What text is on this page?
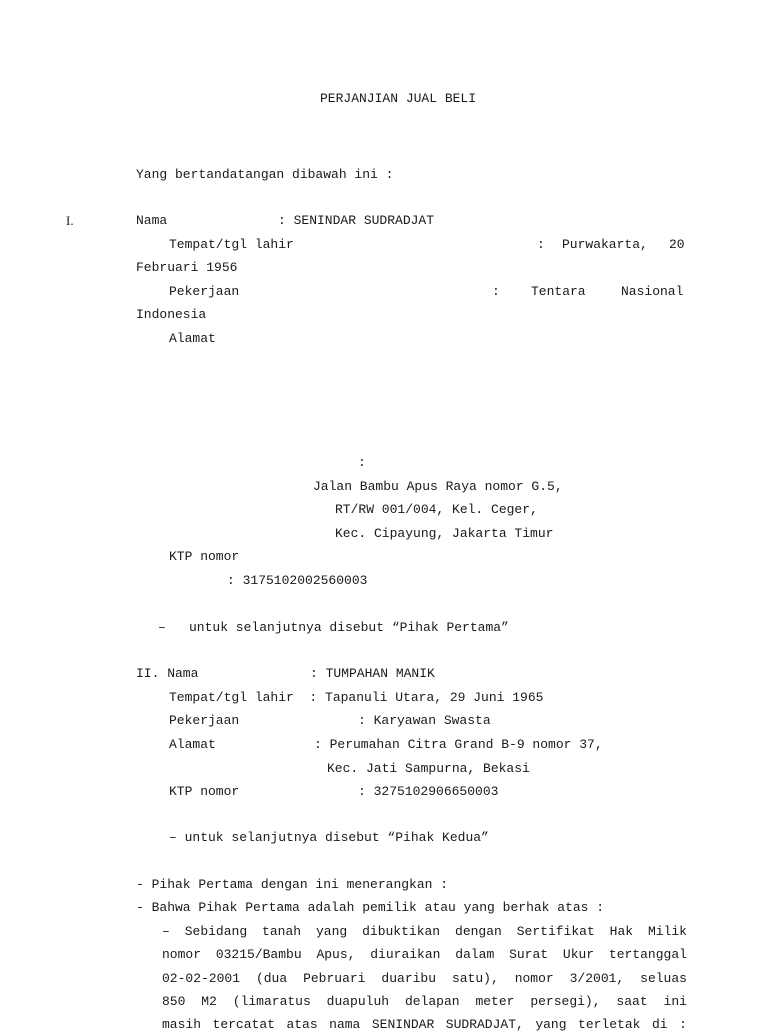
PERJANJIAN JUAL BELI
Yang bertandatangan dibawah ini :
I.	Nama	: SENINDAR SUDRADJAT
Tempat/tgl lahir	: Purwakarta, 20
Februari 1956
Pekerjaan	: Tentara	Nasional
Indonesia
Alamat
:
Jalan Bambu Apus Raya nomor G.5,
RT/RW 001/004, Kel. Ceger,
Kec. Cipayung, Jakarta Timur
KTP nomor
: 3175102002560003
– untuk selanjutnya disebut “Pihak Pertama”
II. Nama	: TUMPAHAN MANIK
Tempat/tgl lahir  : Tapanuli Utara, 29 Juni 1965
Pekerjaan	: Karyawan Swasta
Alamat	: Perumahan Citra Grand B-9 nomor 37,
Kec. Jati Sampurna, Bekasi
KTP nomor	: 3275102906650003
– untuk selanjutnya disebut “Pihak Kedua”
- Pihak Pertama dengan ini menerangkan :
- Bahwa Pihak Pertama adalah pemilik atau yang berhak atas :
– Sebidang tanah yang dibuktikan dengan Sertifikat Hak Milik
nomor 03215/Bambu Apus, diuraikan dalam Surat Ukur tertanggal
02-02-2001 (dua Pebruari duaribu satu), nomor 3/2001, seluas
850 M2 (limaratus duapuluh delapan meter persegi), saat ini
masih tercatat atas nama SENINDAR SUDRADJAT, yang terletak di :
